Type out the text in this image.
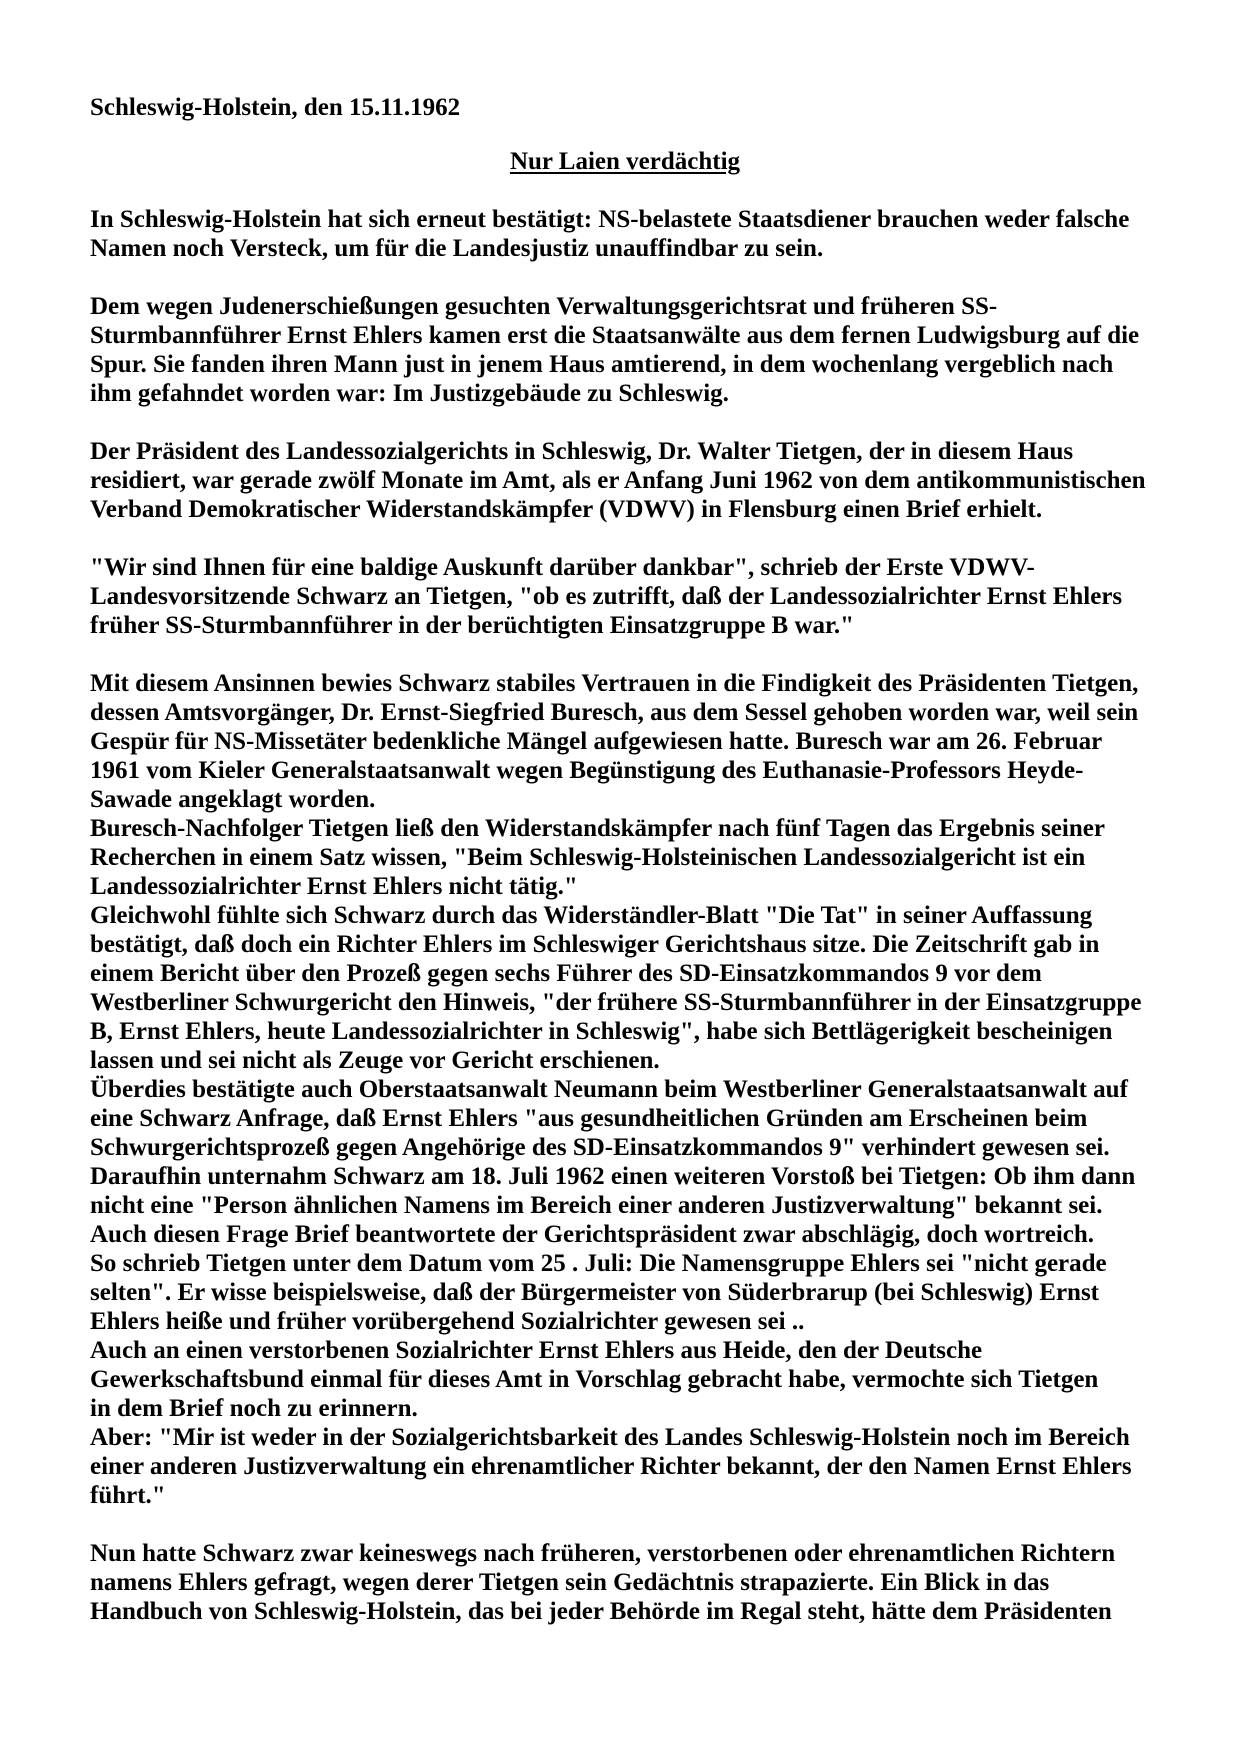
Schleswig-Holstein, den 15.11.1962
Nur Laien verdächtig
In Schleswig-Holstein hat sich erneut bestätigt: NS-belastete Staatsdiener brauchen weder falsche
Namen noch Versteck, um für die Landesjustiz unauffindbar zu sein.
Dem wegen Judenerschießungen gesuchten Verwaltungsgerichtsrat und früheren SS-
Sturmbannführer Ernst Ehlers kamen erst die Staatsanwälte aus dem fernen Ludwigsburg auf die
Spur. Sie fanden ihren Mann just in jenem Haus amtierend, in dem wochenlang vergeblich nach
ihm gefahndet worden war: Im Justizgebäude zu Schleswig.
Der Präsident des Landessozialgerichts in Schleswig, Dr. Walter Tietgen, der in diesem Haus
residiert, war gerade zwölf Monate im Amt, als er Anfang Juni 1962 von dem antikommunistischen
Verband Demokratischer Widerstandskämpfer (VDWV) in Flensburg einen Brief erhielt.
"Wir sind Ihnen für eine baldige Auskunft darüber dankbar", schrieb der Erste VDWV-
Landesvorsitzende Schwarz an Tietgen, "ob es zutrifft, daß der Landessozialrichter Ernst Ehlers
früher SS-Sturmbannführer in der berüchtigten Einsatzgruppe B war."
Mit diesem Ansinnen bewies Schwarz stabiles Vertrauen in die Findigkeit des Präsidenten Tietgen,
dessen Amtsvorgänger, Dr. Ernst-Siegfried Buresch, aus dem Sessel gehoben worden war, weil sein
Gespür für NS-Missetäter bedenkliche Mängel aufgewiesen hatte. Buresch war am 26. Februar
1961 vom Kieler Generalstaatsanwalt wegen Begünstigung des Euthanasie-Professors Heyde-
Sawade angeklagt worden.
Buresch-Nachfolger Tietgen ließ den Widerstandskämpfer nach fünf Tagen das Ergebnis seiner
Recherchen in einem Satz wissen, "Beim Schleswig-Holsteinischen Landessozialgericht ist ein
Landessozialrichter Ernst Ehlers nicht tätig."
Gleichwohl fühlte sich Schwarz durch das Widerständler-Blatt "Die Tat" in seiner Auffassung
bestätigt, daß doch ein Richter Ehlers im Schleswiger Gerichtshaus sitze. Die Zeitschrift gab in
einem Bericht über den Prozeß gegen sechs Führer des SD-Einsatzkommandos 9 vor dem
Westberliner Schwurgericht den Hinweis, "der frühere SS-Sturmbannführer in der Einsatzgruppe
B, Ernst Ehlers, heute Landessozialrichter in Schleswig", habe sich Bettlägerigkeit bescheinigen
lassen und sei nicht als Zeuge vor Gericht erschienen.
Überdies bestätigte auch Oberstaatsanwalt Neumann beim Westberliner Generalstaatsanwalt auf
eine Schwarz Anfrage, daß Ernst Ehlers "aus gesundheitlichen Gründen am Erscheinen beim
Schwurgerichtsprozeß gegen Angehörige des SD-Einsatzkommandos 9" verhindert gewesen sei.
Daraufhin unternahm Schwarz am 18. Juli 1962 einen weiteren Vorstoß bei Tietgen: Ob ihm dann
nicht eine "Person ähnlichen Namens im Bereich einer anderen Justizverwaltung" bekannt sei.
Auch diesen Frage Brief beantwortete der Gerichtspräsident zwar abschlägig, doch wortreich.
So schrieb Tietgen unter dem Datum vom 25 . Juli: Die Namensgruppe Ehlers sei "nicht gerade
selten". Er wisse beispielsweise, daß der Bürgermeister von Süderbrarup (bei Schleswig) Ernst
Ehlers heiße und früher vorübergehend Sozialrichter gewesen sei ..
Auch an einen verstorbenen Sozialrichter Ernst Ehlers aus Heide, den der Deutsche
Gewerkschaftsbund einmal für dieses Amt in Vorschlag gebracht habe, vermochte sich Tietgen
in dem Brief noch zu erinnern.
Aber: "Mir ist weder in der Sozialgerichtsbarkeit des Landes Schleswig-Holstein noch im Bereich
einer anderen Justizverwaltung ein ehrenamtlicher Richter bekannt, der den Namen Ernst Ehlers
führt."
Nun hatte Schwarz zwar keineswegs nach früheren, verstorbenen oder ehrenamtlichen Richtern
namens Ehlers gefragt, wegen derer Tietgen sein Gedächtnis strapazierte. Ein Blick in das
Handbuch von Schleswig-Holstein, das bei jeder Behörde im Regal steht, hätte dem Präsidenten
